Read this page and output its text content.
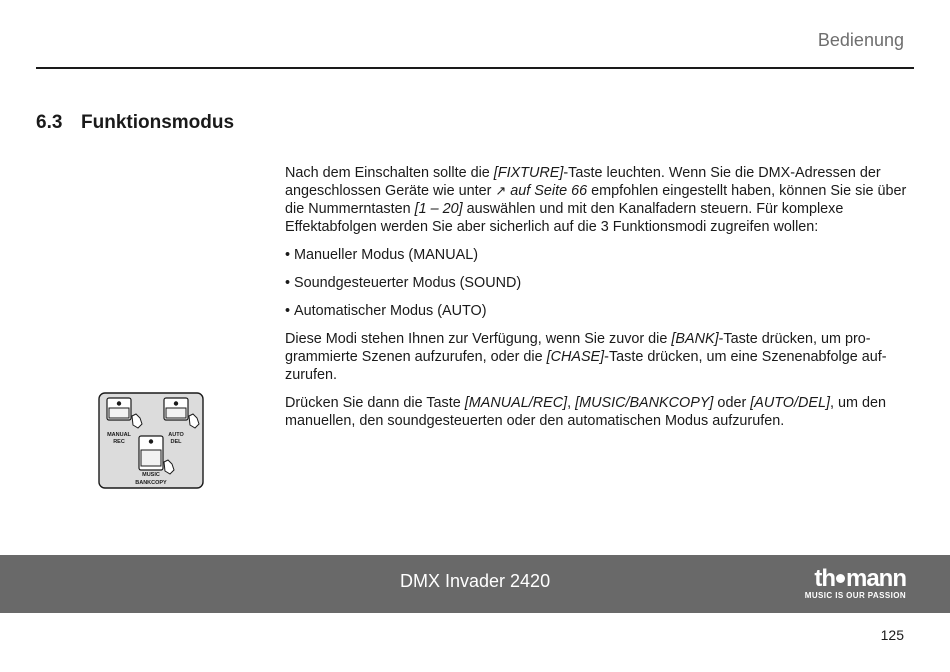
Bedienung
6.3 Funktionsmodus

Nach dem Einschalten sollte die [FIXTURE]-Taste leuchten. Wenn Sie die DMX-Adressen der angeschlossen Geräte wie unter ↗ auf Seite 66 empfohlen eingestellt haben, können Sie sie über die Nummerntasten [1 – 20] auswählen und mit den Kanalfadern steuern. Für komplexe Effektabfolgen werden Sie aber sicherlich auf die 3 Funktionsmodi zugreifen wollen:

• Manueller Modus (MANUAL)
• Soundgesteuerter Modus (SOUND)
• Automatischer Modus (AUTO)

Diese Modi stehen Ihnen zur Verfügung, wenn Sie zuvor die [BANK]-Taste drücken, um programmierte Szenen aufzurufen, oder die [CHASE]-Taste drücken, um eine Szenenabfolge aufzurufen.

Drücken Sie dann die Taste [MANUAL/REC], [MUSIC/BANKCOPY] oder [AUTO/DEL], um den manuellen, den soundgesteuerten oder den automatischen Modus aufzurufen.

MANUAL
REC
AUTO
DEL
MUSIC
BANKCOPY
DMX Invader 2420	th mann
MUSIC IS OUR PASSION
125
